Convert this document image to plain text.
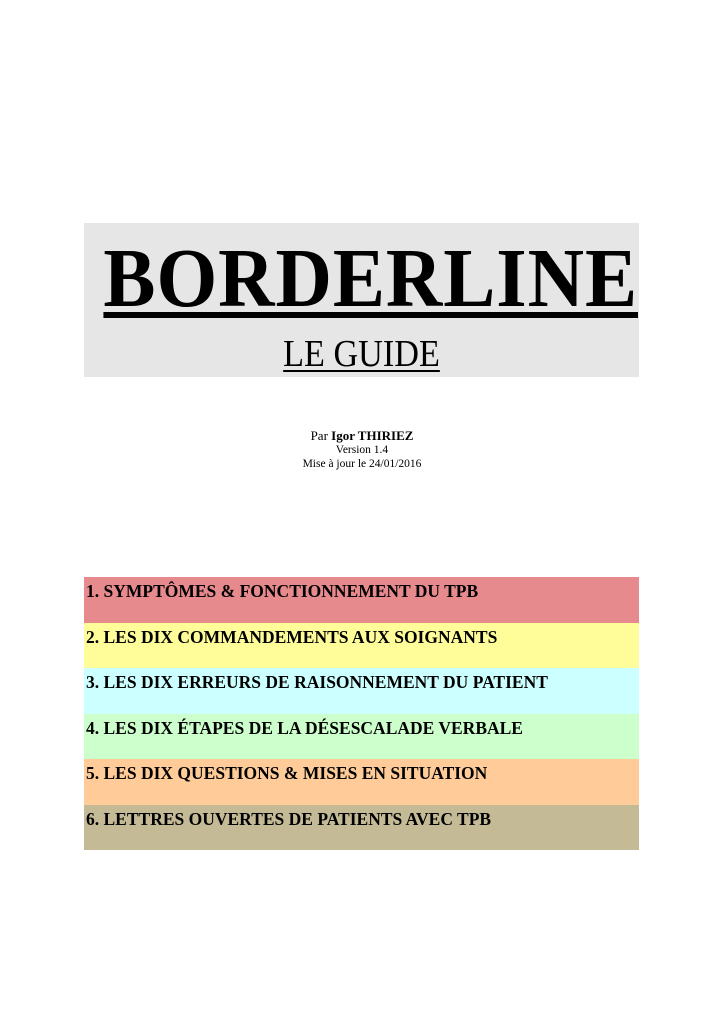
BORDERLINE
LE GUIDE
Par Igor THIRIEZ
Version 1.4
Mise à jour le 24/01/2016
1. SYMPTÔMES & FONCTIONNEMENT DU TPB
2. LES DIX COMMANDEMENTS AUX SOIGNANTS
3. LES DIX ERREURS DE RAISONNEMENT DU PATIENT
4. LES DIX ÉTAPES DE LA DÉSESCALADE VERBALE
5. LES DIX QUESTIONS & MISES EN SITUATION
6. LETTRES OUVERTES DE PATIENTS AVEC TPB
